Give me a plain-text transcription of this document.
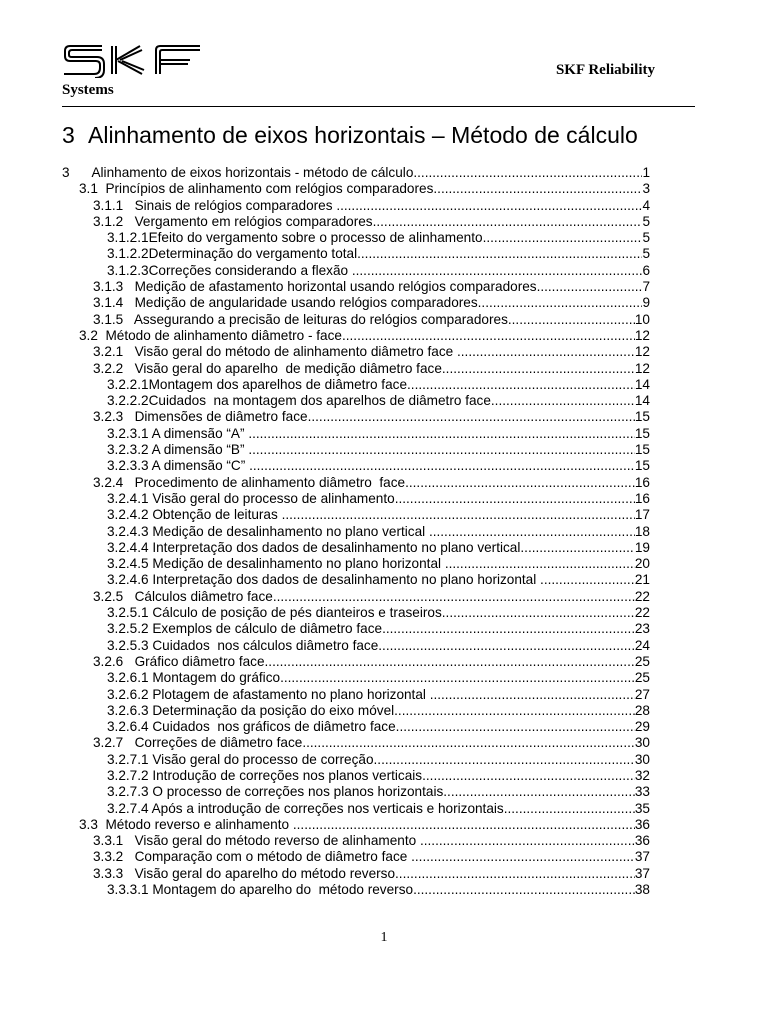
SKF
SKF Reliability
Systems
3 Alinhamento de eixos horizontais – Método de cálculo
3      Alinhamento de eixos horizontais - método de cálculo .....	1
3.1  Princípios de alinhamento com relógios comparadores .....	3
3.1.1   Sinais de relógios comparadores .....	4
3.1.2   Vergamento em relógios comparadores .....	5
3.1.2.1Efeito do vergamento sobre o processo de alinhamento .....	5
3.1.2.2Determinação do vergamento total .....	5
3.1.2.3Correções considerando a flexão .....	6
3.1.3   Medição de afastamento horizontal usando relógios comparadores .....	7
3.1.4   Medição de angularidade usando relógios comparadores .....	9
3.1.5   Assegurando a precisão de leituras do relógios comparadores .....	10
3.2  Método de alinhamento diâmetro - face .....	12
3.2.1   Visão geral do método de alinhamento diâmetro face .....	12
3.2.2   Visão geral do aparelho  de medição diâmetro face .....	12
3.2.2.1Montagem dos aparelhos de diâmetro face .....	14
3.2.2.2Cuidados  na montagem dos aparelhos de diâmetro face .....	14
3.2.3   Dimensões de diâmetro face .....	15
3.2.3.1 A dimensão “A” .....	15
3.2.3.2 A dimensão “B” .....	15
3.2.3.3 A dimensão “C” .....	15
3.2.4   Procedimento de alinhamento diâmetro  face .....	16
3.2.4.1 Visão geral do processo de alinhamento .....	16
3.2.4.2 Obtenção de leituras .....	17
3.2.4.3 Medição de desalinhamento no plano vertical .....	18
3.2.4.4 Interpretação dos dados de desalinhamento no plano vertical .....	19
3.2.4.5 Medição de desalinhamento no plano horizontal .....	20
3.2.4.6 Interpretação dos dados de desalinhamento no plano horizontal .....	21
3.2.5   Cálculos diâmetro face .....	22
3.2.5.1 Cálculo de posição de pés dianteiros e traseiros .....	22
3.2.5.2 Exemplos de cálculo de diâmetro face .....	23
3.2.5.3 Cuidados  nos cálculos diâmetro face .....	24
3.2.6   Gráfico diâmetro face .....	25
3.2.6.1 Montagem do gráfico .....	25
3.2.6.2 Plotagem de afastamento no plano horizontal .....	27
3.2.6.3 Determinação da posição do eixo móvel .....	28
3.2.6.4 Cuidados  nos gráficos de diâmetro face .....	29
3.2.7   Correções de diâmetro face .....	30
3.2.7.1 Visão geral do processo de correção .....	30
3.2.7.2 Introdução de correções nos planos verticais .....	32
3.2.7.3 O processo de correções nos planos horizontais .....	33
3.2.7.4 Após a introdução de correções nos verticais e horizontais .....	35
3.3  Método reverso e alinhamento .....	36
3.3.1   Visão geral do método reverso de alinhamento .....	36
3.3.2   Comparação com o método de diâmetro face .....	37
3.3.3   Visão geral do aparelho do método reverso .....	37
3.3.3.1 Montagem do aparelho do  método reverso .....	38
1
